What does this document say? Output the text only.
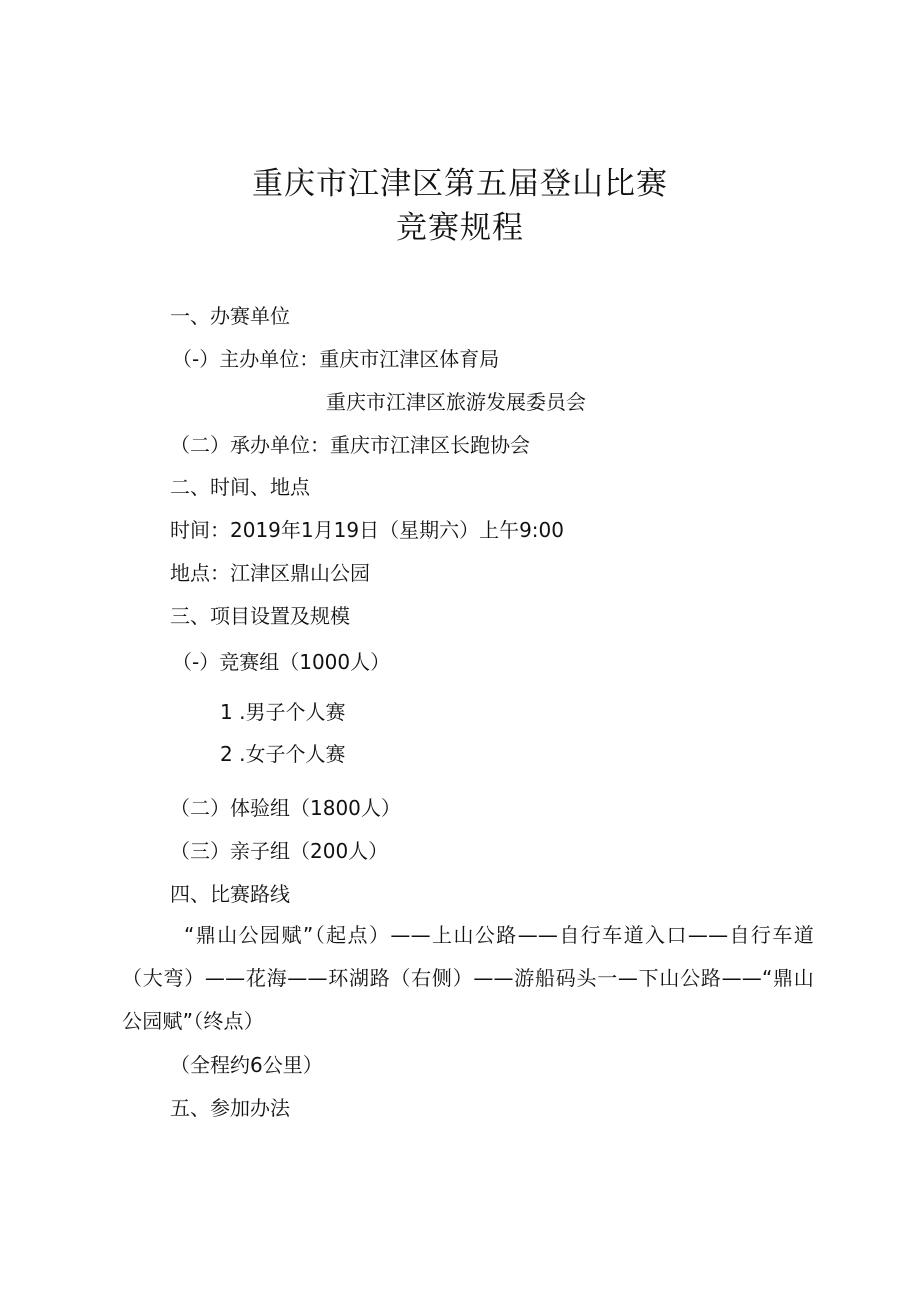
重庆市江津区第五届登山比赛
竞赛规程
一、办赛单位
（-）主办单位：重庆市江津区体育局
重庆市江津区旅游发展委员会
（二）承办单位：重庆市江津区长跑协会
二、时间、地点
时间：2019年1月19日（星期六）上午9:00
地点：江津区鼎山公园
三、项目设置及规模
（-）竞赛组（1000人）
1 .男子个人赛
2 .女子个人赛
（二）体验组（1800人）
（三）亲子组（200人）
四、比赛路线

“鼎山公园赋”（起点）——上山公路——自行车道入口——自行车道（大弯）——花海——环湖路（右侧）——游船码头一—下山公路——“鼎山公园赋”（终点）

（全程约6公里）
五、参加办法
